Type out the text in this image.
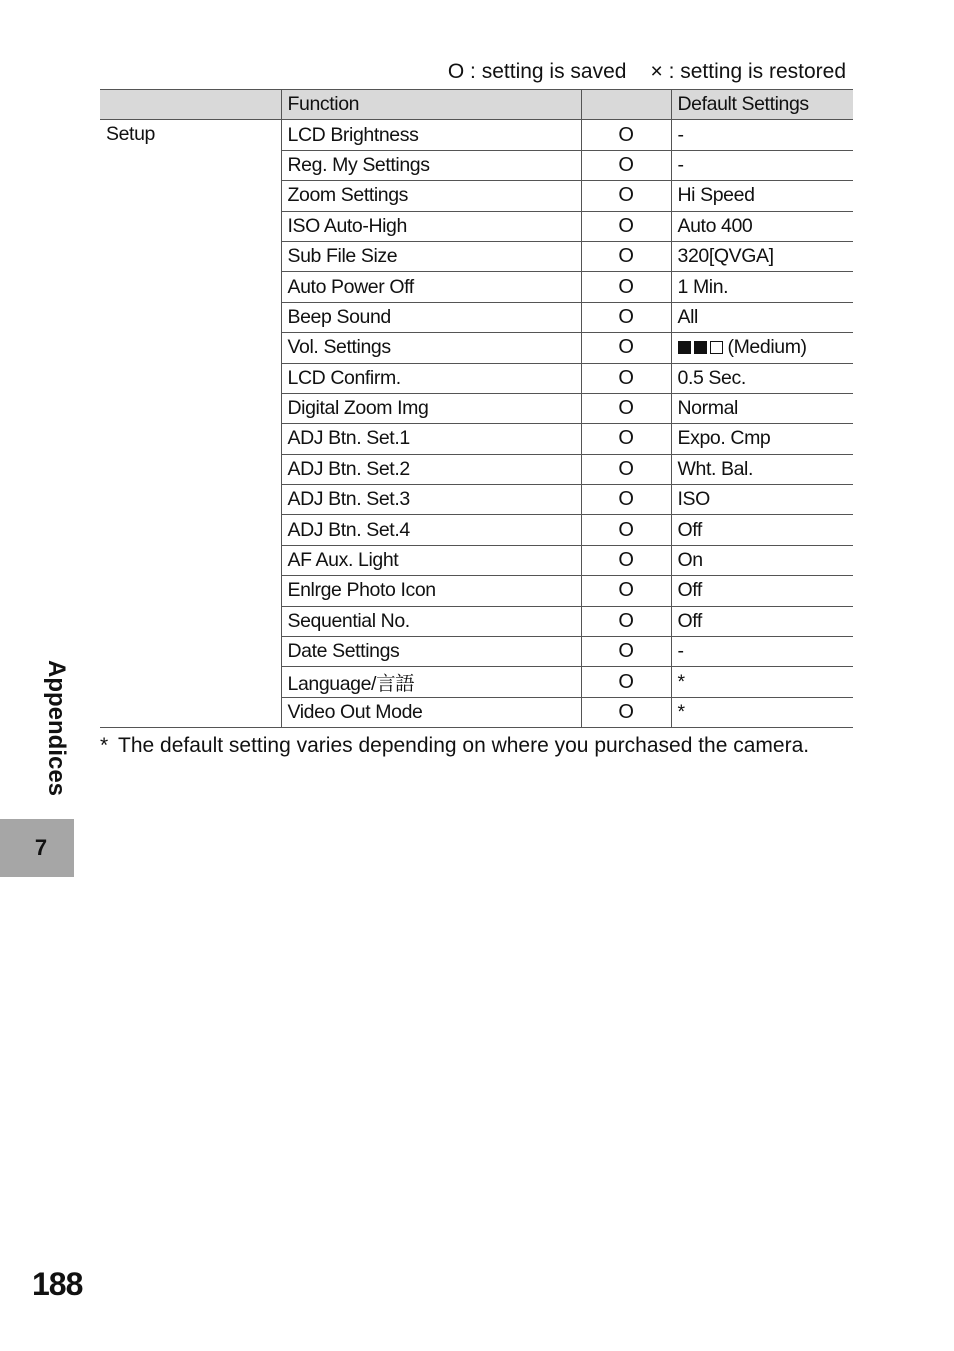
O : setting is saved × : setting is restored
	Function		Default Settings
Setup	LCD Brightness	O	-
	Reg. My Settings	O	-
	Zoom Settings	O	Hi Speed
	ISO Auto-High	O	Auto 400
	Sub File Size	O	320[QVGA]
	Auto Power Off	O	1 Min.
	Beep Sound	O	All
	Vol. Settings	O	(Medium)
	LCD Confirm.	O	0.5 Sec.
	Digital Zoom Img	O	Normal
	ADJ Btn. Set.1	O	Expo. Cmp
	ADJ Btn. Set.2	O	Wht. Bal.
	ADJ Btn. Set.3	O	ISO
	ADJ Btn. Set.4	O	Off
	AF Aux. Light	O	On
	Enlrge Photo Icon	O	Off
	Sequential No.	O	Off
	Date Settings	O	-
	Language/言語	O	*
	Video Out Mode	O	*
* The default setting varies depending on where you purchased the camera.
Appendices
7
188
